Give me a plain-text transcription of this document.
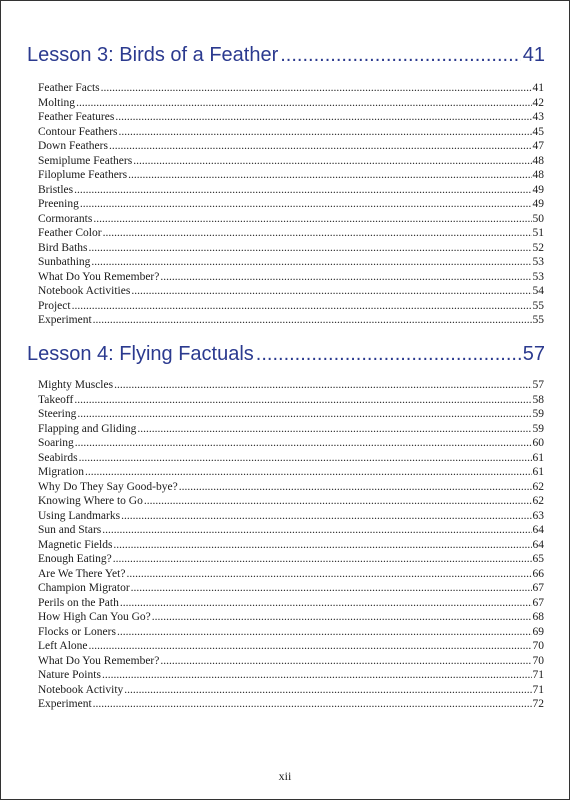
Lesson 3: Birds of a Feather .....	41
Feather Facts .....	41
Molting .....	42
Feather Features .....	43
Contour Feathers .....	45
Down Feathers .....	47
Semiplume Feathers .....	48
Filoplume Feathers .....	48
Bristles .....	49
Preening .....	49
Cormorants .....	50
Feather Color .....	51
Bird Baths .....	52
Sunbathing .....	53
What Do You Remember? .....	53
Notebook Activities .....	54
Project .....	55
Experiment .....	55
Lesson 4: Flying Factuals .....	57
Mighty Muscles .....	57
Takeoff .....	58
Steering .....	59
Flapping and Gliding .....	59
Soaring .....	60
Seabirds .....	61
Migration .....	61
Why Do They Say Good-bye? .....	62
Knowing Where to Go .....	62
Using Landmarks .....	63
Sun and Stars .....	64
Magnetic Fields .....	64
Enough Eating? .....	65
Are We There Yet? .....	66
Champion Migrator .....	67
Perils on the Path .....	67
How High Can You Go? .....	68
Flocks or Loners .....	69
Left Alone .....	70
What Do You Remember? .....	70
Nature Points .....	71
Notebook Activity .....	71
Experiment .....	72
xii
